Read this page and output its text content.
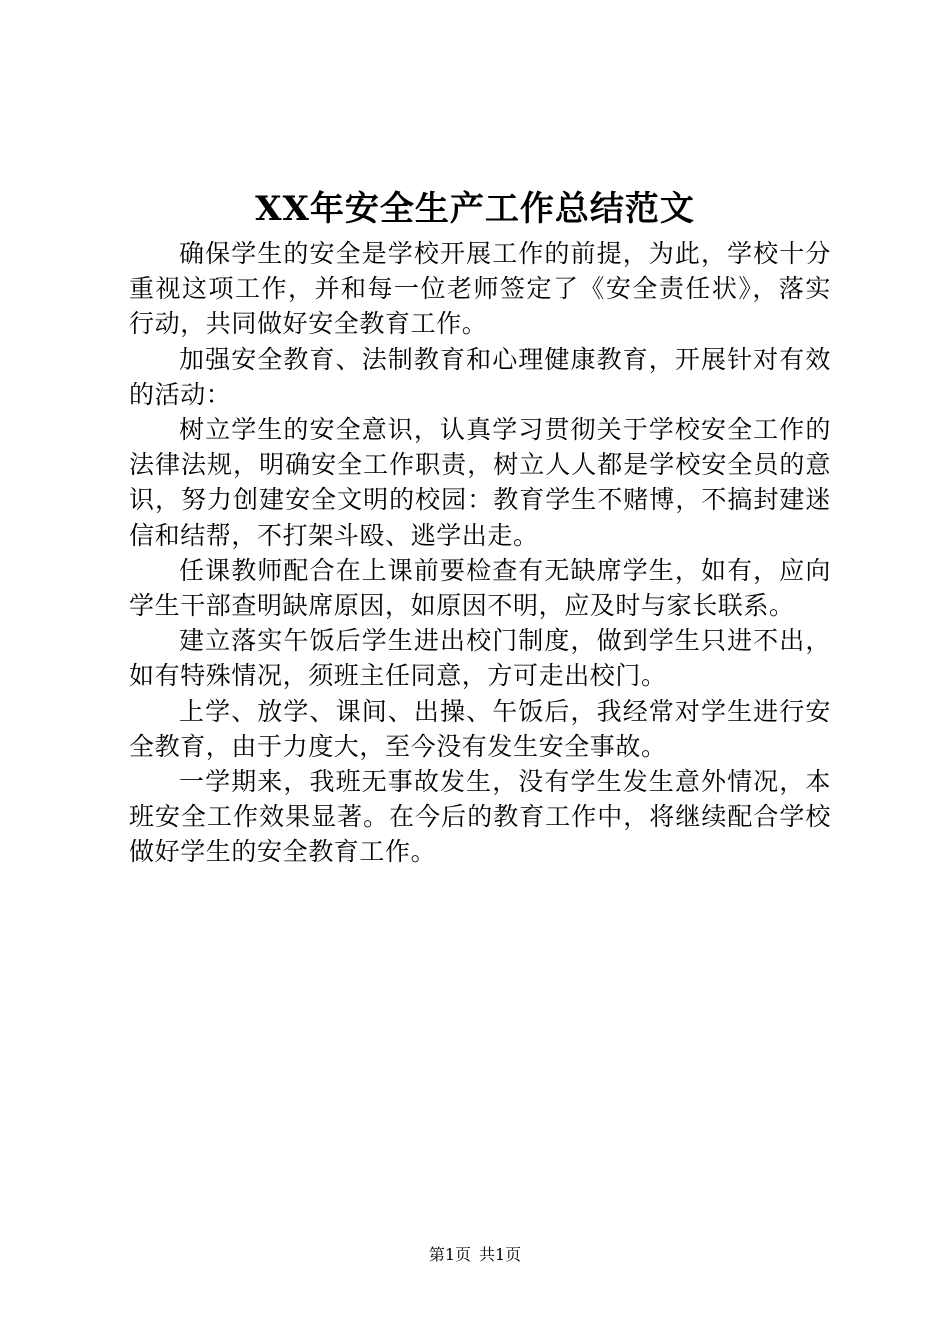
XX年安全生产工作总结范文

确保学生的安全是学校开展工作的前提，为此，学校十分重视这项工作，并和每一位老师签定了《安全责任状》，落实行动，共同做好安全教育工作。

加强安全教育、法制教育和心理健康教育，开展针对有效的活动：

树立学生的安全意识，认真学习贯彻关于学校安全工作的法律法规，明确安全工作职责，树立人人都是学校安全员的意识，努力创建安全文明的校园：教育学生不赌博，不搞封建迷信和结帮，不打架斗殴、逃学出走。

任课教师配合在上课前要检查有无缺席学生，如有，应向学生干部查明缺席原因，如原因不明，应及时与家长联系。

建立落实午饭后学生进出校门制度，做到学生只进不出，如有特殊情况，须班主任同意，方可走出校门。

上学、放学、课间、出操、午饭后，我经常对学生进行安全教育，由于力度大，至今没有发生安全事故。

一学期来，我班无事故发生，没有学生发生意外情况，本班安全工作效果显著。在今后的教育工作中，将继续配合学校做好学生的安全教育工作。

第1页 共1页
